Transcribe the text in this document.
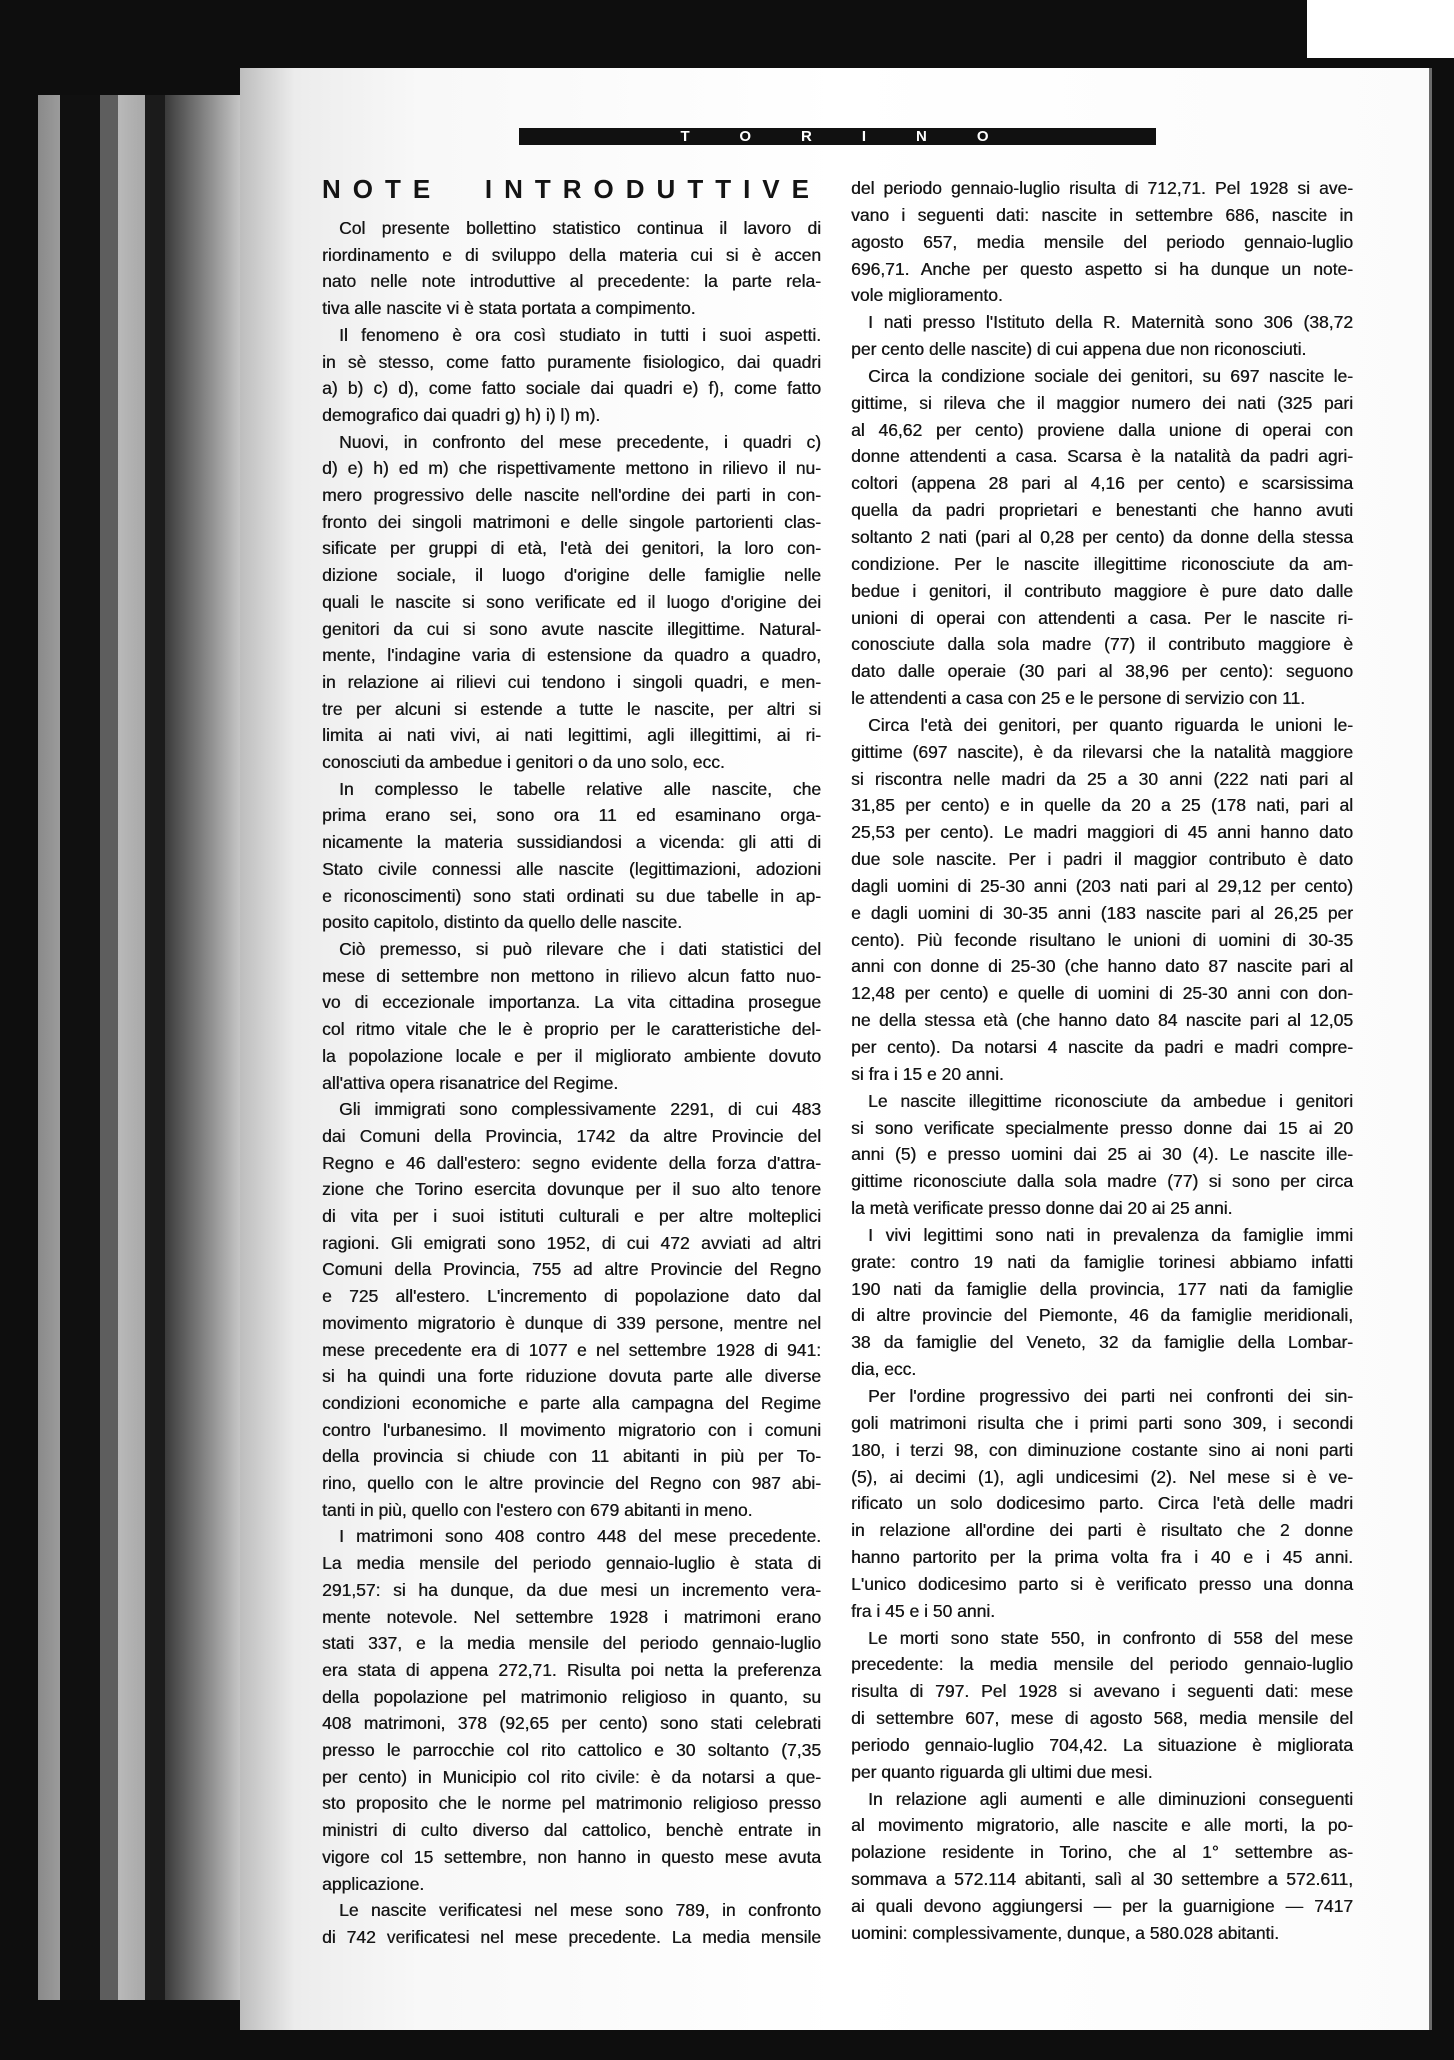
TORINO
NOTE INTRODUTTIVE
Col presente bollettino statistico continua il lavoro di
riordinamento e di sviluppo della materia cui si è accen
nato nelle note introduttive al precedente: la parte rela-
tiva alle nascite vi è stata portata a compimento.
Il fenomeno è ora così studiato in tutti i suoi aspetti.
in sè stesso, come fatto puramente fisiologico, dai quadri
a) b) c) d), come fatto sociale dai quadri e) f), come fatto
demografico dai quadri g) h) i) l) m).
Nuovi, in confronto del mese precedente, i quadri c)
d) e) h) ed m) che rispettivamente mettono in rilievo il nu-
mero progressivo delle nascite nell'ordine dei parti in con-
fronto dei singoli matrimoni e delle singole partorienti clas-
sificate per gruppi di età, l'età dei genitori, la loro con-
dizione sociale, il luogo d'origine delle famiglie nelle
quali le nascite si sono verificate ed il luogo d'origine dei
genitori da cui si sono avute nascite illegittime. Natural-
mente, l'indagine varia di estensione da quadro a quadro,
in relazione ai rilievi cui tendono i singoli quadri, e men-
tre per alcuni si estende a tutte le nascite, per altri si
limita ai nati vivi, ai nati legittimi, agli illegittimi, ai ri-
conosciuti da ambedue i genitori o da uno solo, ecc.
In complesso le tabelle relative alle nascite, che
prima erano sei, sono ora 11 ed esaminano orga-
nicamente la materia sussidiandosi a vicenda: gli atti di
Stato civile connessi alle nascite (legittimazioni, adozioni
e riconoscimenti) sono stati ordinati su due tabelle in ap-
posito capitolo, distinto da quello delle nascite.
Ciò premesso, si può rilevare che i dati statistici del
mese di settembre non mettono in rilievo alcun fatto nuo-
vo di eccezionale importanza. La vita cittadina prosegue
col ritmo vitale che le è proprio per le caratteristiche del-
la popolazione locale e per il migliorato ambiente dovuto
all'attiva opera risanatrice del Regime.
Gli immigrati sono complessivamente 2291, di cui 483
dai Comuni della Provincia, 1742 da altre Provincie del
Regno e 46 dall'estero: segno evidente della forza d'attra-
zione che Torino esercita dovunque per il suo alto tenore
di vita per i suoi istituti culturali e per altre molteplici
ragioni. Gli emigrati sono 1952, di cui 472 avviati ad altri
Comuni della Provincia, 755 ad altre Provincie del Regno
e 725 all'estero. L'incremento di popolazione dato dal
movimento migratorio è dunque di 339 persone, mentre nel
mese precedente era di 1077 e nel settembre 1928 di 941:
si ha quindi una forte riduzione dovuta parte alle diverse
condizioni economiche e parte alla campagna del Regime
contro l'urbanesimo. Il movimento migratorio con i comuni
della provincia si chiude con 11 abitanti in più per To-
rino, quello con le altre provincie del Regno con 987 abi-
tanti in più, quello con l'estero con 679 abitanti in meno.
I matrimoni sono 408 contro 448 del mese precedente.
La media mensile del periodo gennaio-luglio è stata di
291,57: si ha dunque, da due mesi un incremento vera-
mente notevole. Nel settembre 1928 i matrimoni erano
stati 337, e la media mensile del periodo gennaio-luglio
era stata di appena 272,71. Risulta poi netta la preferenza
della popolazione pel matrimonio religioso in quanto, su
408 matrimoni, 378 (92,65 per cento) sono stati celebrati
presso le parrocchie col rito cattolico e 30 soltanto (7,35
per cento) in Municipio col rito civile: è da notarsi a que-
sto proposito che le norme pel matrimonio religioso presso
ministri di culto diverso dal cattolico, benchè entrate in
vigore col 15 settembre, non hanno in questo mese avuta
applicazione.
Le nascite verificatesi nel mese sono 789, in confronto
di 742 verificatesi nel mese precedente. La media mensile
del periodo gennaio-luglio risulta di 712,71. Pel 1928 si ave-
vano i seguenti dati: nascite in settembre 686, nascite in
agosto 657, media mensile del periodo gennaio-luglio
696,71. Anche per questo aspetto si ha dunque un note-
vole miglioramento.
I nati presso l'Istituto della R. Maternità sono 306 (38,72
per cento delle nascite) di cui appena due non riconosciuti.
Circa la condizione sociale dei genitori, su 697 nascite le-
gittime, si rileva che il maggior numero dei nati (325 pari
al 46,62 per cento) proviene dalla unione di operai con
donne attendenti a casa. Scarsa è la natalità da padri agri-
coltori (appena 28 pari al 4,16 per cento) e scarsissima
quella da padri proprietari e benestanti che hanno avuti
soltanto 2 nati (pari al 0,28 per cento) da donne della stessa
condizione. Per le nascite illegittime riconosciute da am-
bedue i genitori, il contributo maggiore è pure dato dalle
unioni di operai con attendenti a casa. Per le nascite ri-
conosciute dalla sola madre (77) il contributo maggiore è
dato dalle operaie (30 pari al 38,96 per cento): seguono
le attendenti a casa con 25 e le persone di servizio con 11.
Circa l'età dei genitori, per quanto riguarda le unioni le-
gittime (697 nascite), è da rilevarsi che la natalità maggiore
si riscontra nelle madri da 25 a 30 anni (222 nati pari al
31,85 per cento) e in quelle da 20 a 25 (178 nati, pari al
25,53 per cento). Le madri maggiori di 45 anni hanno dato
due sole nascite. Per i padri il maggior contributo è dato
dagli uomini di 25-30 anni (203 nati pari al 29,12 per cento)
e dagli uomini di 30-35 anni (183 nascite pari al 26,25 per
cento). Più feconde risultano le unioni di uomini di 30-35
anni con donne di 25-30 (che hanno dato 87 nascite pari al
12,48 per cento) e quelle di uomini di 25-30 anni con don-
ne della stessa età (che hanno dato 84 nascite pari al 12,05
per cento). Da notarsi 4 nascite da padri e madri compre-
si fra i 15 e 20 anni.
Le nascite illegittime riconosciute da ambedue i genitori
si sono verificate specialmente presso donne dai 15 ai 20
anni (5) e presso uomini dai 25 ai 30 (4). Le nascite ille-
gittime riconosciute dalla sola madre (77) si sono per circa
la metà verificate presso donne dai 20 ai 25 anni.
I vivi legittimi sono nati in prevalenza da famiglie immi
grate: contro 19 nati da famiglie torinesi abbiamo infatti
190 nati da famiglie della provincia, 177 nati da famiglie
di altre provincie del Piemonte, 46 da famiglie meridionali,
38 da famiglie del Veneto, 32 da famiglie della Lombar-
dia, ecc.
Per l'ordine progressivo dei parti nei confronti dei sin-
goli matrimoni risulta che i primi parti sono 309, i secondi
180, i terzi 98, con diminuzione costante sino ai noni parti
(5), ai decimi (1), agli undicesimi (2). Nel mese si è ve-
rificato un solo dodicesimo parto. Circa l'età delle madri
in relazione all'ordine dei parti è risultato che 2 donne
hanno partorito per la prima volta fra i 40 e i 45 anni.
L'unico dodicesimo parto si è verificato presso una donna
fra i 45 e i 50 anni.
Le morti sono state 550, in confronto di 558 del mese
precedente: la media mensile del periodo gennaio-luglio
risulta di 797. Pel 1928 si avevano i seguenti dati: mese
di settembre 607, mese di agosto 568, media mensile del
periodo gennaio-luglio 704,42. La situazione è migliorata
per quanto riguarda gli ultimi due mesi.
In relazione agli aumenti e alle diminuzioni conseguenti
al movimento migratorio, alle nascite e alle morti, la po-
polazione residente in Torino, che al 1° settembre as-
sommava a 572.114 abitanti, salì al 30 settembre a 572.611,
ai quali devono aggiungersi — per la guarnigione — 7417
uomini: complessivamente, dunque, a 580.028 abitanti.
